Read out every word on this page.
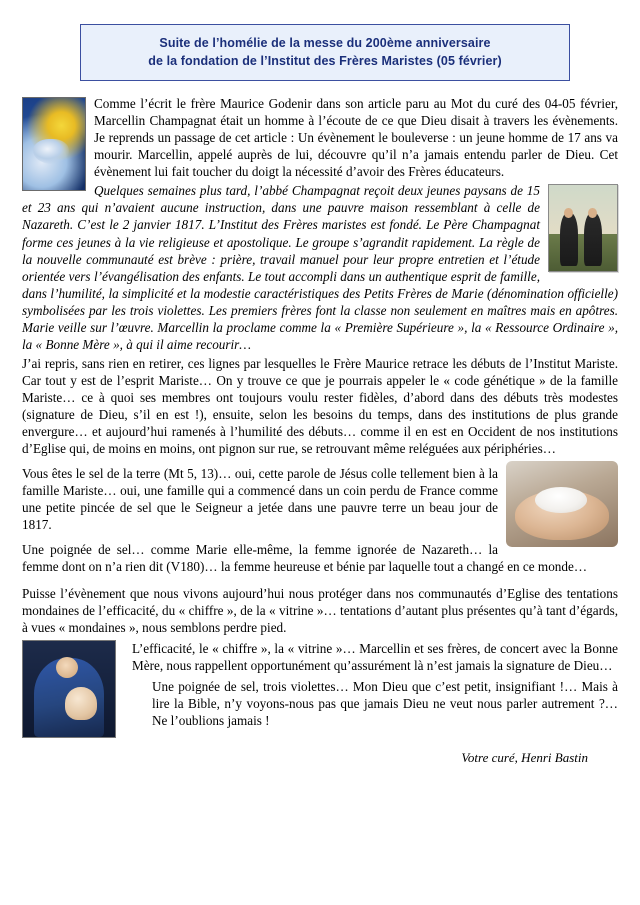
Suite de l’homélie de la messe du 200ème anniversaire
de la fondation de l’Institut des Frères Maristes (05 février)

Comme l’écrit le frère Maurice Godenir dans son article paru au Mot du curé des 04-05 février, Marcellin Champagnat était un homme à l’écoute de ce que Dieu disait à travers les évènements. Je reprends un passage de cet article : Un évènement le bouleverse : un jeune homme de 17 ans va mourir. Marcellin, appelé auprès de lui, découvre qu’il n’a jamais entendu parler de Dieu. Cet évènement lui fait toucher du doigt la nécessité d’avoir des Frères éducateurs.

Quelques semaines plus tard, l’abbé Champagnat reçoit deux jeunes paysans de 15 et 23 ans qui n’avaient aucune instruction, dans une pauvre maison ressemblant à celle de Nazareth. C’est le 2 janvier 1817. L’Institut des Frères maristes est fondé. Le Père Champagnat forme ces jeunes à la vie religieuse et apostolique. Le groupe s’agrandit rapidement. La règle de la nouvelle communauté est brève : prière, travail manuel pour leur propre entretien et l’étude orientée vers l’évangélisation des enfants. Le tout accompli dans un authentique esprit de famille, dans l’humilité, la simplicité et la modestie caractéristiques des Petits Frères de Marie (dénomination officielle) symbolisées par les trois violettes. Les premiers frères font la classe non seulement en maîtres mais en apôtres. Marie veille sur l’œuvre. Marcellin la proclame comme la « Première Supérieure », la « Ressource Ordinaire », la « Bonne Mère », à qui il aime recourir…

J’ai repris, sans rien en retirer, ces lignes par lesquelles le Frère Maurice retrace les débuts de l’Institut Mariste. Car tout y est de l’esprit Mariste… On y trouve ce que je pourrais appeler le « code génétique » de la famille Mariste… ce à quoi ses membres ont toujours voulu rester fidèles, d’abord dans des débuts très modestes (signature de Dieu, s’il en est !), ensuite, selon les besoins du temps, dans des institutions de plus grande envergure… et aujourd’hui ramenés à l’humilité des débuts… comme il en est en Occident de nos institutions d’Eglise qui, de moins en moins, ont pignon sur rue, se retrouvant même reléguées aux périphéries…

Vous êtes le sel de la terre (Mt 5, 13)… oui, cette parole de Jésus colle tellement bien à la famille Mariste… oui, une famille qui a commencé dans un coin perdu de France comme une petite pincée de sel que le Seigneur a jetée dans une pauvre terre un beau jour de 1817.

Une poignée de sel… comme Marie elle-même, la femme ignorée de Nazareth… la femme dont on n’a rien dit (V180)… la femme heureuse et bénie par laquelle tout a changé en ce monde…

Puisse l’évènement que nous vivons aujourd’hui nous protéger dans nos communautés d’Eglise des tentations mondaines de l’efficacité, du « chiffre », de la « vitrine »… tentations d’autant plus présentes qu’à tant d’égards, à vues « mondaines », nous semblons perdre pied.

L’efficacité, le « chiffre », la « vitrine »… Marcellin et ses frères, de concert avec la Bonne Mère, nous rappellent opportunément qu’assurément là n’est jamais la signature de Dieu…

Une poignée de sel, trois violettes… Mon Dieu que c’est petit, insignifiant !… Mais à lire la Bible, n’y voyons-nous pas que jamais Dieu ne veut nous parler autrement ?… Ne l’oublions jamais !

Votre curé, Henri Bastin
